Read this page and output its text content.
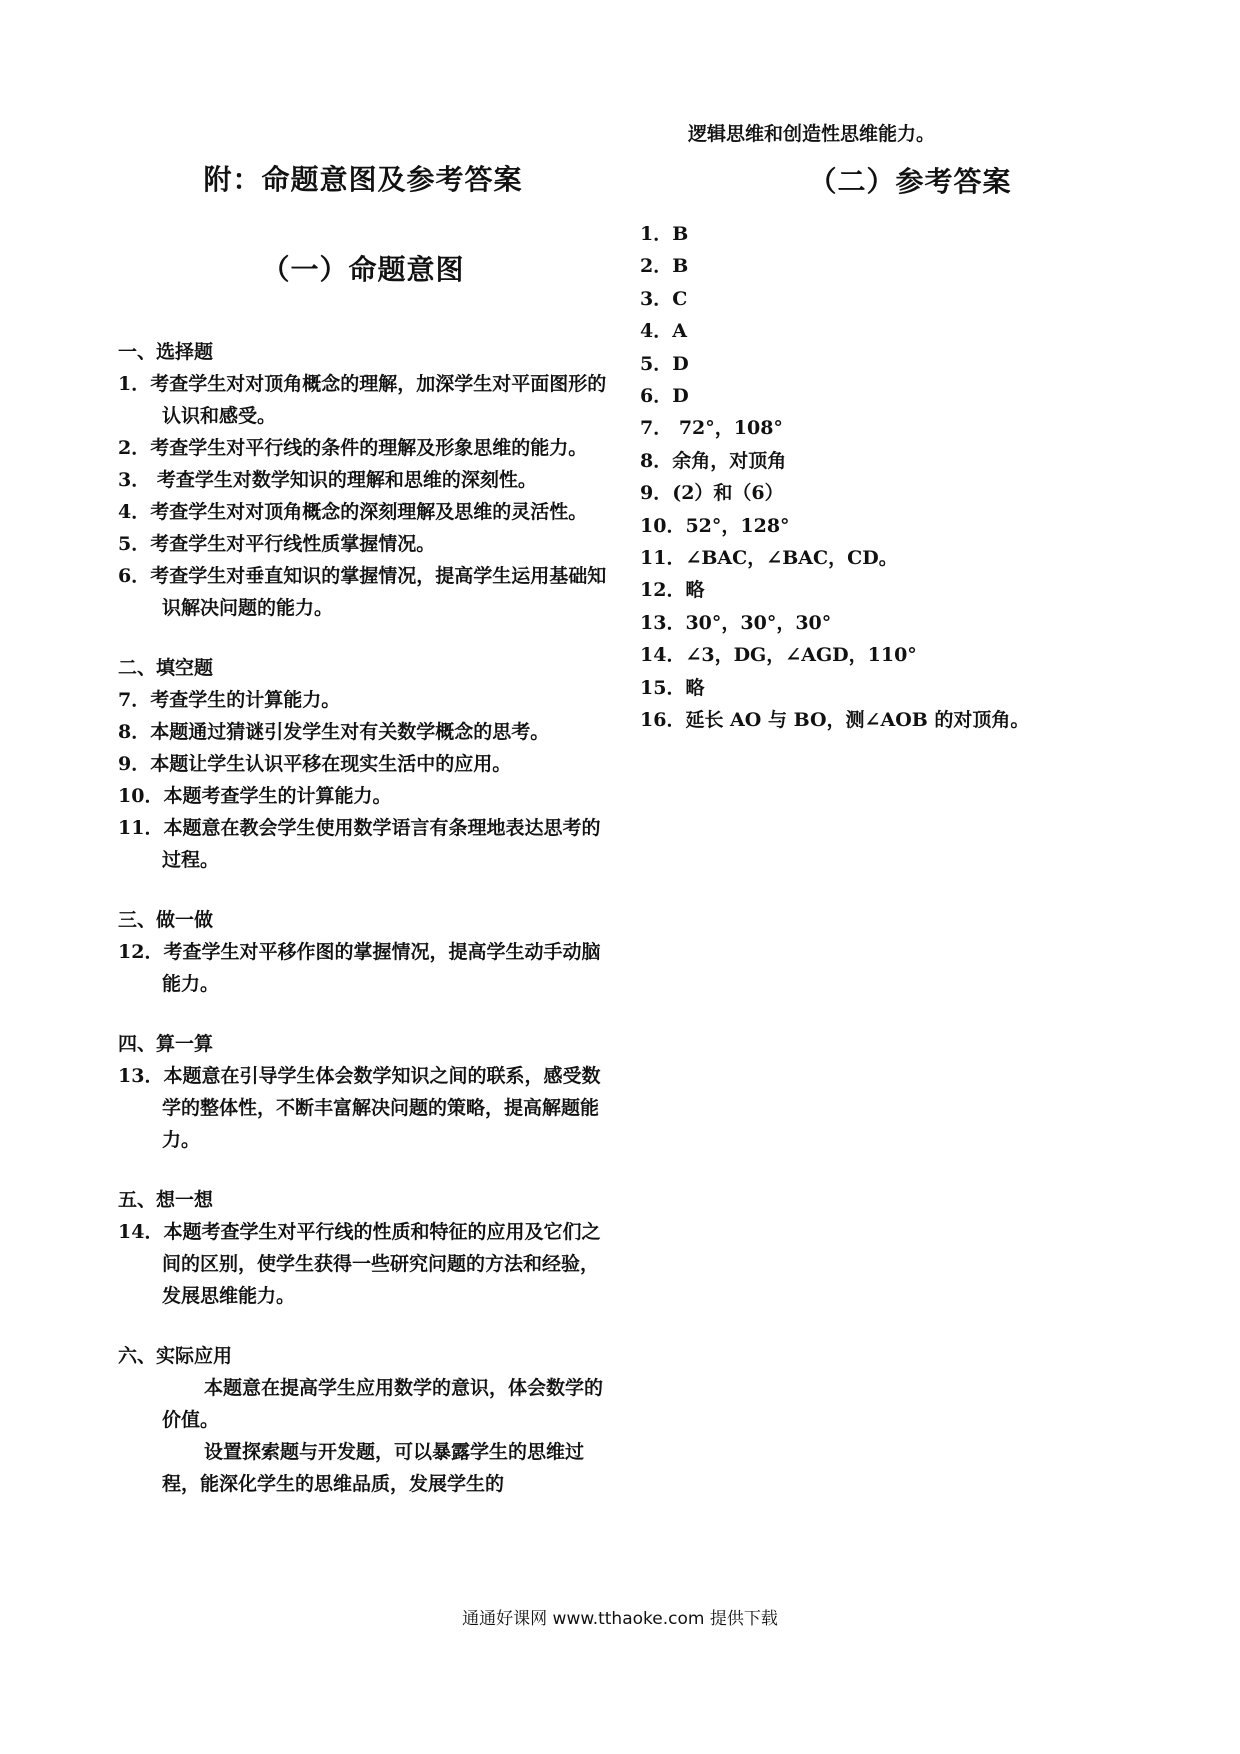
附：命题意图及参考答案
（一）命题意图

一、选择题

1．考查学生对对顶角概念的理解，加深学生对平面图形的认识和感受。

2．考查学生对平行线的条件的理解及形象思维的能力。

3． 考查学生对数学知识的理解和思维的深刻性。

4．考查学生对对顶角概念的深刻理解及思维的灵活性。

5．考查学生对平行线性质掌握情况。

6．考查学生对垂直知识的掌握情况，提高学生运用基础知识解决问题的能力。

二、填空题

7．考查学生的计算能力。

8．本题通过猜谜引发学生对有关数学概念的思考。

9．本题让学生认识平移在现实生活中的应用。

10．本题考查学生的计算能力。

11．本题意在教会学生使用数学语言有条理地表达思考的过程。

三、做一做

12．考查学生对平移作图的掌握情况，提高学生动手动脑能力。

四、算一算

13．本题意在引导学生体会数学知识之间的联系，感受数学的整体性，不断丰富解决问题的策略，提高解题能力。

五、想一想

14．本题考查学生对平行线的性质和特征的应用及它们之间的区别，使学生获得一些研究问题的方法和经验，发展思维能力。

六、实际应用

本题意在提高学生应用数学的意识，体会数学的价值。

设置探索题与开发题，可以暴露学生的思维过程，能深化学生的思维品质，发展学生的

逻辑思维和创造性思维能力。
（二）参考答案

1．B

2．B

3．C

4．A

5．D

6．D

7． 72°，108°

8．余角，对顶角

9．(2）和（6）

10．52°，128°

11．∠BAC，∠BAC，CD。

12．略

13．30°，30°，30°

14．∠3，DG，∠AGD，110°

15．略

16．延长 AO 与 BO，测∠AOB 的对顶角。

通通好课网 www.tthaoke.com 提供下载
